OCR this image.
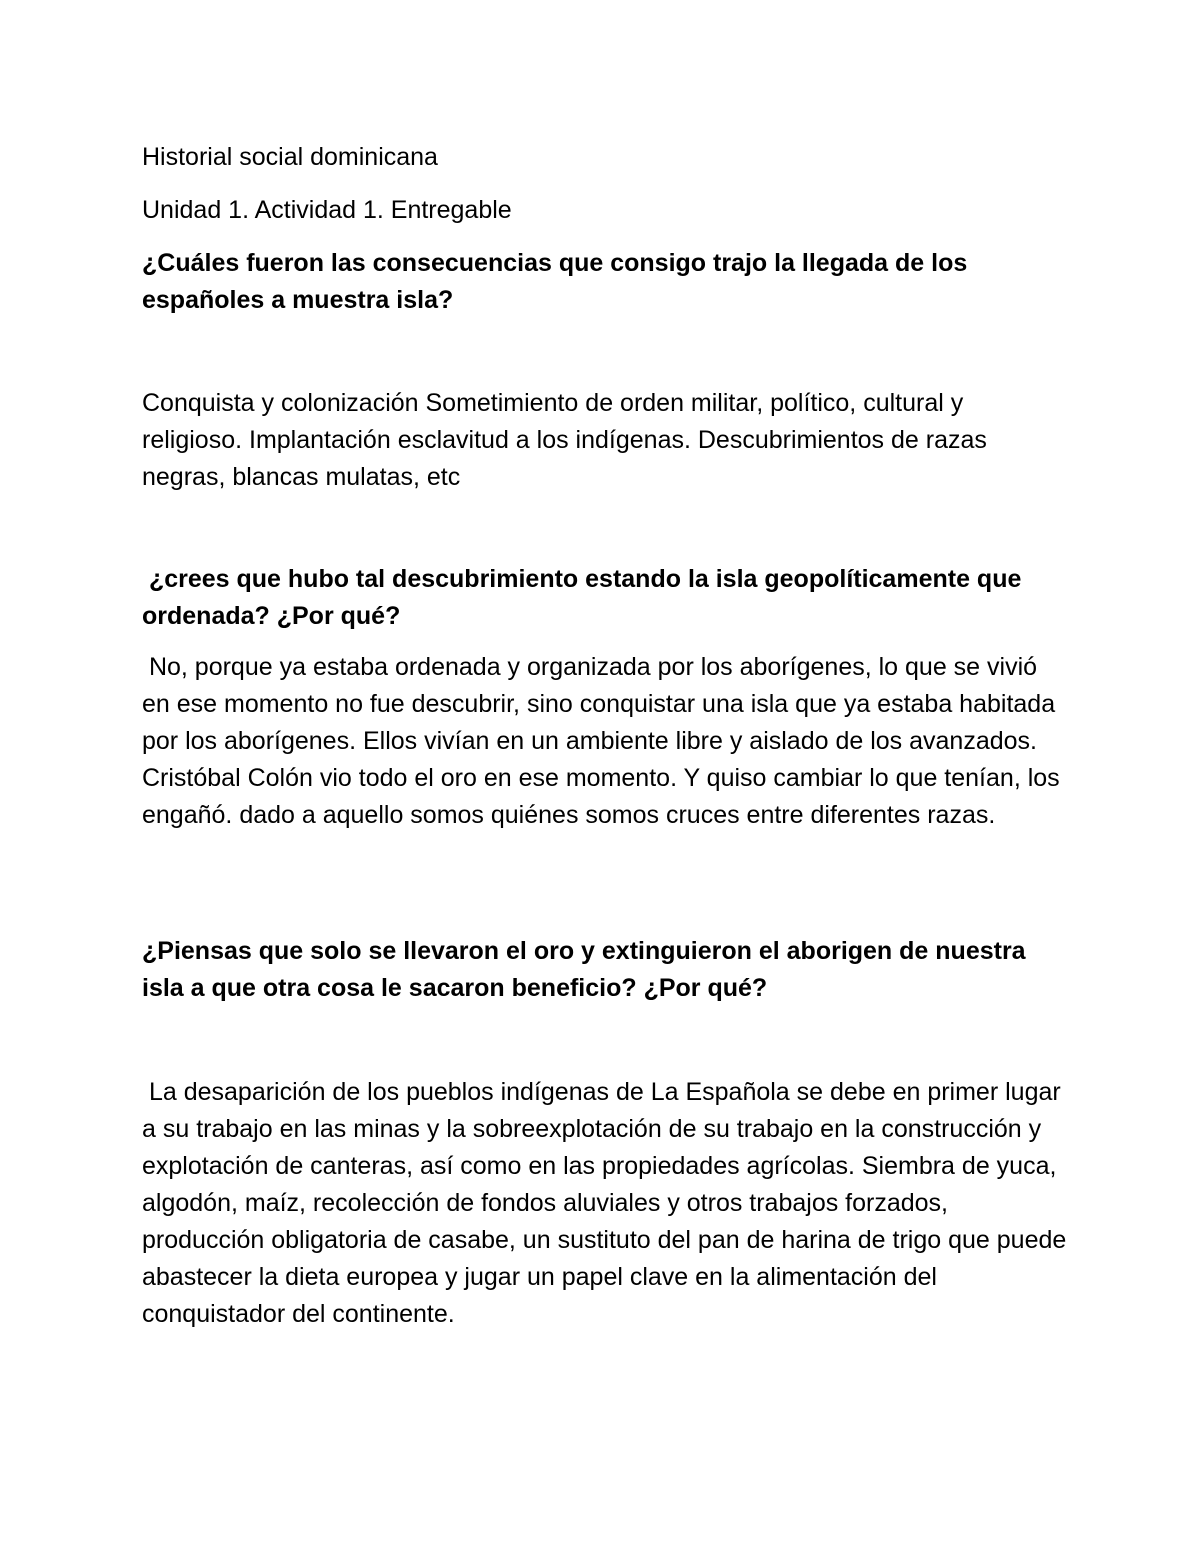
Historial social dominicana

Unidad 1. Actividad 1. Entregable

¿Cuáles fueron las consecuencias que consigo trajo la llegada de los españoles a muestra isla?

Conquista y colonización Sometimiento de orden militar, político, cultural y religioso. Implantación esclavitud a los indígenas. Descubrimientos de razas negras, blancas mulatas, etc

¿crees que hubo tal descubrimiento estando la isla geopolíticamente que ordenada? ¿Por qué?

No, porque ya estaba ordenada y organizada por los aborígenes, lo que se vivió en ese momento no fue descubrir, sino conquistar una isla que ya estaba habitada por los aborígenes. Ellos vivían en un ambiente libre y aislado de los avanzados. Cristóbal Colón vio todo el oro en ese momento. Y quiso cambiar lo que tenían, los engañó. dado a aquello somos quiénes somos cruces entre diferentes razas.

¿Piensas que solo se llevaron el oro y extinguieron el aborigen de nuestra isla a que otra cosa le sacaron beneficio? ¿Por qué?

La desaparición de los pueblos indígenas de La Española se debe en primer lugar a su trabajo en las minas y la sobreexplotación de su trabajo en la construcción y explotación de canteras, así como en las propiedades agrícolas. Siembra de yuca, algodón, maíz, recolección de fondos aluviales y otros trabajos forzados, producción obligatoria de casabe, un sustituto del pan de harina de trigo que puede abastecer la dieta europea y jugar un papel clave en la alimentación del conquistador del continente.
